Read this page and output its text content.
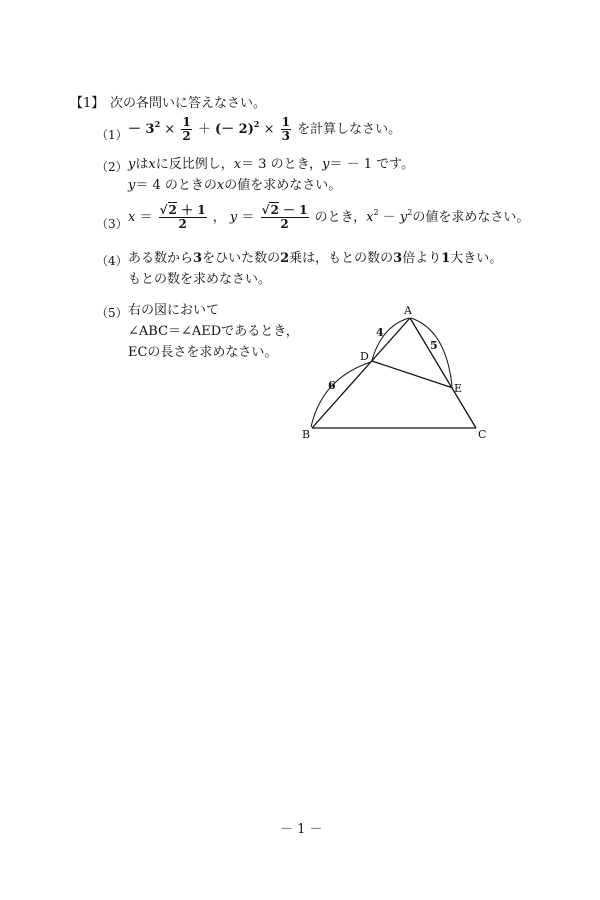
【1】 次の各問いに答えなさい。
$(1) - 3^2 \times \frac{1}{2}$ ＋ (－ $2)^2 \times \frac{1}{3}$ を計算しなさい。
（2） yはxに反比例し，x＝ 3 のとき，y＝ － 1 です。
y＝ 4 のときのxの値を求めなさい。
（3） $x = \frac{√2 + 1}{2}$ ， $y = \frac{√2 - 1}{2}$ のとき，$x^2 - y^2$の値を求めなさい。
（4） ある数から3をひいた数の2乗は，もとの数の3倍より1大きい。
もとの数を求めなさい。
（5） 右の図において
∠ABC＝∠AEDであるとき，
ECの長さを求めなさい。
A
B	C
D
E
4
5
6
－ 1 －
